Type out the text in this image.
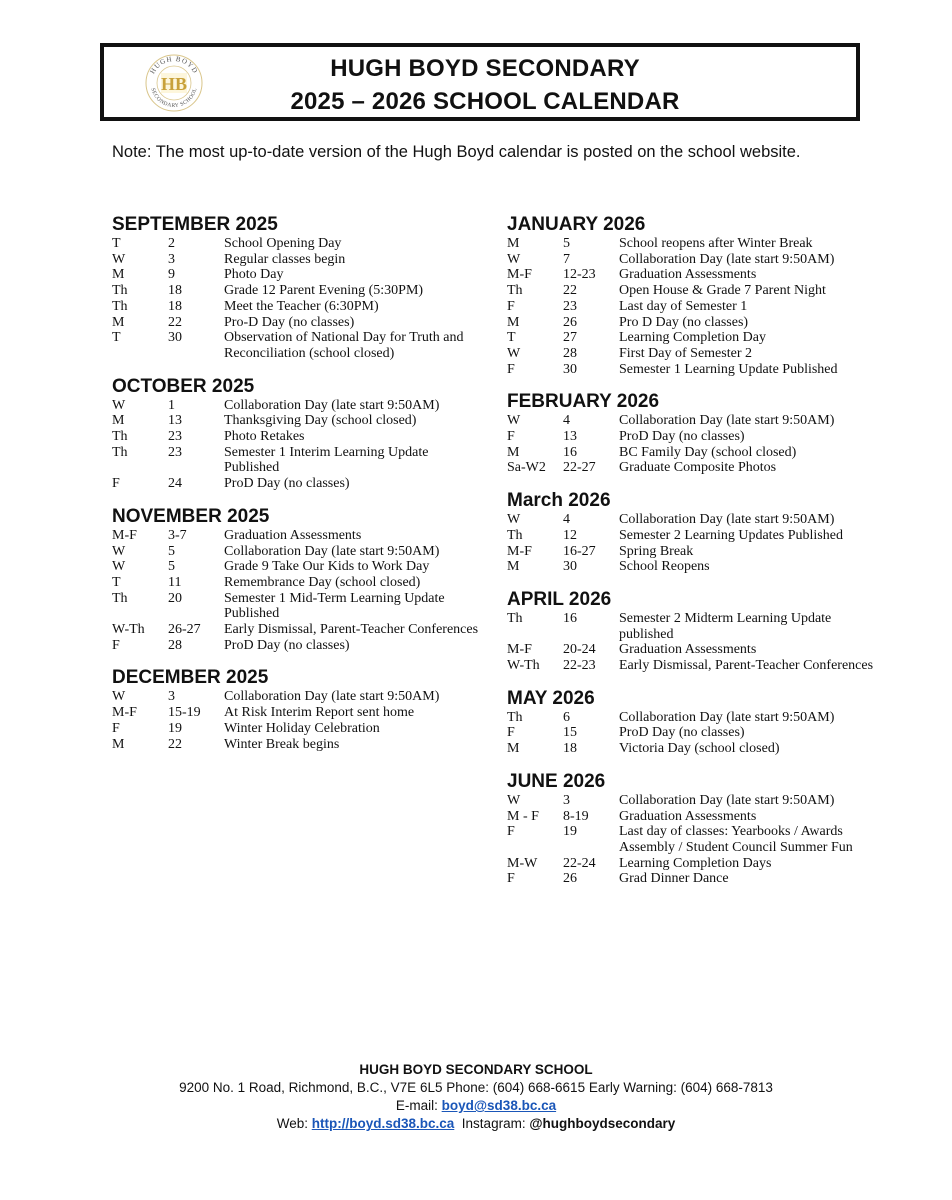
HUGH BOYD
SECONDARY SCHOOL
HB
HUGH BOYD SECONDARY
2025 – 2026 SCHOOL CALENDAR
Note: The most up-to-date version of the Hugh Boyd calendar is posted on the school website.
SEPTEMBER 2025
T	2	School Opening Day
W	3	Regular classes begin
M	9	Photo Day
Th	18	Grade 12 Parent Evening (5:30PM)
Th	18	Meet the Teacher (6:30PM)
M	22	Pro-D Day (no classes)
T	30	Observation of National Day for Truth and Reconciliation (school closed)
OCTOBER 2025
W	1	Collaboration Day (late start 9:50AM)
M	13	Thanksgiving Day (school closed)
Th	23	Photo Retakes
Th	23	Semester 1 Interim Learning Update Published
F	24	ProD Day (no classes)
NOVEMBER 2025
M-F	3-7	Graduation Assessments
W	5	Collaboration Day (late start 9:50AM)
W	5	Grade 9 Take Our Kids to Work Day
T	11	Remembrance Day (school closed)
Th	20	Semester 1 Mid-Term Learning Update Published
W-Th	26-27	Early Dismissal, Parent-Teacher Conferences
F	28	ProD Day (no classes)
DECEMBER 2025
W	3	Collaboration Day (late start 9:50AM)
M-F	15-19	At Risk Interim Report sent home
F	19	Winter Holiday Celebration
M	22	Winter Break begins
JANUARY 2026
M	5	School reopens after Winter Break
W	7	Collaboration Day (late start 9:50AM)
M-F	12-23	Graduation Assessments
Th	22	Open House & Grade 7 Parent Night
F	23	Last day of Semester 1
M	26	Pro D Day (no classes)
T	27	Learning Completion Day
W	28	First Day of Semester 2
F	30	Semester 1 Learning Update Published
FEBRUARY 2026
W	4	Collaboration Day (late start 9:50AM)
F	13	ProD Day (no classes)
M	16	BC Family Day (school closed)
Sa-W2	22-27	Graduate Composite Photos
March 2026
W	4	Collaboration Day (late start 9:50AM)
Th	12	Semester 2 Learning Updates Published
M-F	16-27	Spring Break
M	30	School Reopens
APRIL 2026
Th	16	Semester 2 Midterm Learning Update published
M-F	20-24	Graduation Assessments
W-Th	22-23	Early Dismissal, Parent-Teacher Conferences
MAY 2026
Th	6	Collaboration Day (late start 9:50AM)
F	15	ProD Day (no classes)
M	18	Victoria Day (school closed)
JUNE 2026
W	3	Collaboration Day (late start 9:50AM)
M - F	8-19	Graduation Assessments
F	19	Last day of classes: Yearbooks / Awards Assembly / Student Council Summer Fun
M-W	22-24	Learning Completion Days
F	26	Grad Dinner Dance
HUGH BOYD SECONDARY SCHOOL
9200 No. 1 Road, Richmond, B.C., V7E 6L5 Phone: (604) 668-6615 Early Warning: (604) 668-7813
E-mail: boyd@sd38.bc.ca
Web: http://boyd.sd38.bc.ca Instagram: @hughboydsecondary
